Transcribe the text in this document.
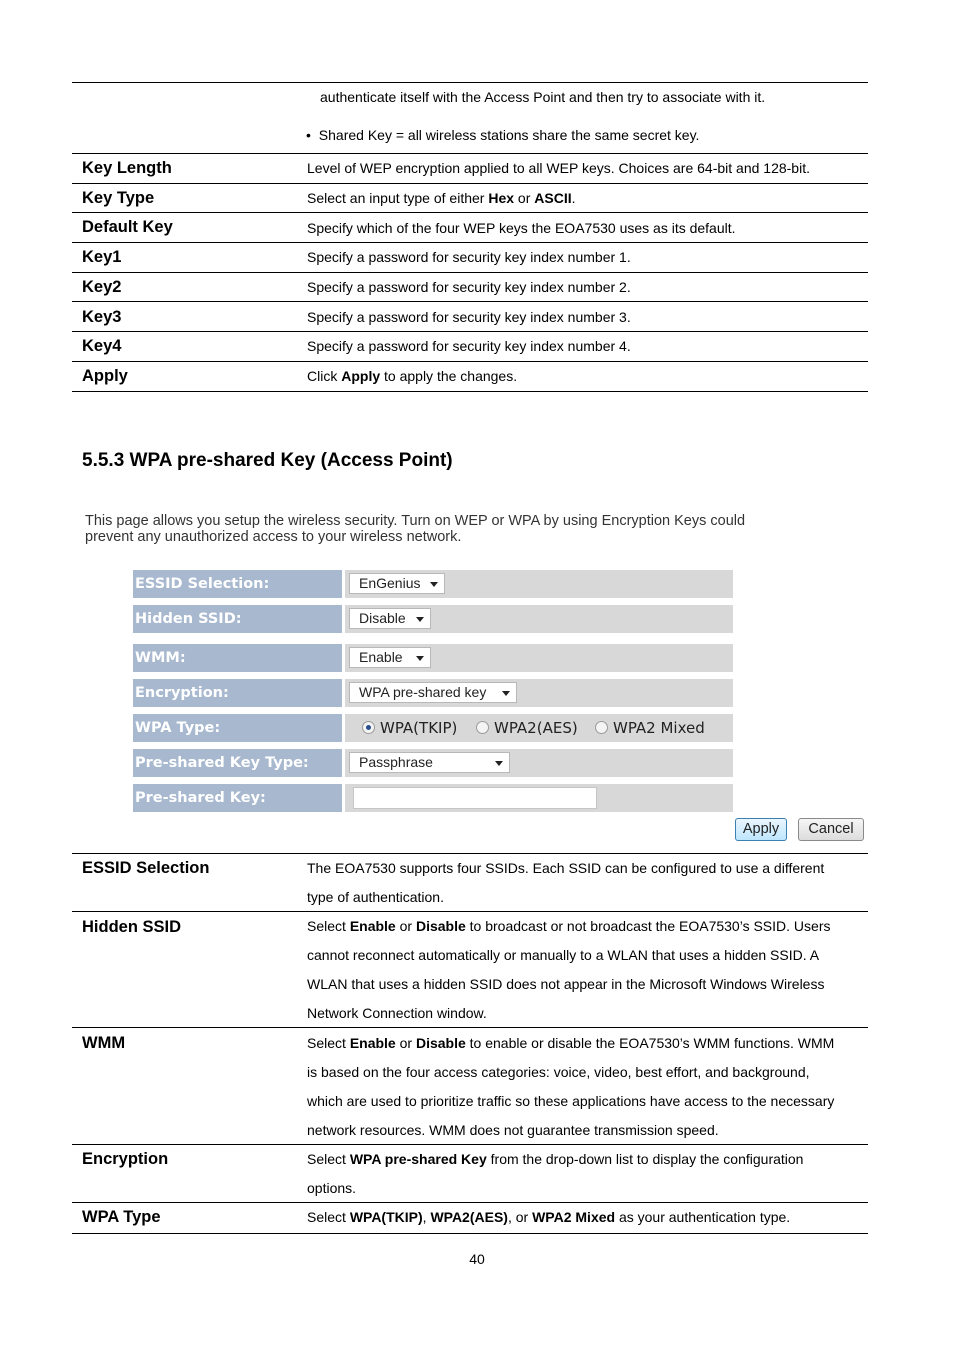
authenticate itself with the Access Point and then try to associate with it.
• Shared Key = all wireless stations share the same secret key.
Key Length	Level of WEP encryption applied to all WEP keys. Choices are 64-bit and 128-bit.
Key Type	Select an input type of either Hex or ASCII.
Default Key	Specify which of the four WEP keys the EOA7530 uses as its default.
Key1	Specify a password for security key index number 1.
Key2	Specify a password for security key index number 2.
Key3	Specify a password for security key index number 3.
Key4	Specify a password for security key index number 4.
Apply	Click Apply to apply the changes.
5.5.3 WPA pre-shared Key (Access Point)
This page allows you setup the wireless security. Turn on WEP or WPA by using Encryption Keys could
prevent any unauthorized access to your wireless network.
ESSID Selection:	EnGenius
Hidden SSID:	Disable
WMM:	Enable
Encryption:	WPA pre-shared key
WPA Type:	WPA(TKIP) WPA2(AES) WPA2 Mixed
Pre-shared Key Type:	Passphrase
Pre-shared Key:
Apply	Cancel
ESSID Selection	The EOA7530 supports four SSIDs. Each SSID can be configured to use a different
type of authentication.
Hidden SSID	Select Enable or Disable to broadcast or not broadcast the EOA7530’s SSID. Users
cannot reconnect automatically or manually to a WLAN that uses a hidden SSID. A
WLAN that uses a hidden SSID does not appear in the Microsoft Windows Wireless
Network Connection window.
WMM	Select Enable or Disable to enable or disable the EOA7530’s WMM functions. WMM
is based on the four access categories: voice, video, best effort, and background,
which are used to prioritize traffic so these applications have access to the necessary
network resources. WMM does not guarantee transmission speed.
Encryption	Select WPA pre-shared Key from the drop-down list to display the configuration
options.
WPA Type	Select WPA(TKIP), WPA2(AES), or WPA2 Mixed as your authentication type.
40
